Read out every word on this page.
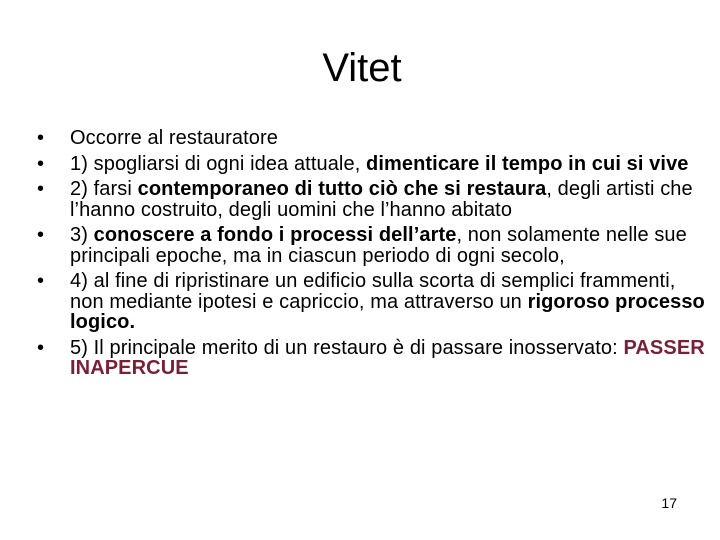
Vitet
• Occorre al restauratore
• 1) spogliarsi di ogni idea attuale, dimenticare il tempo in cui si vive
• 2) farsi contemporaneo di tutto ciò che si restaura, degli artisti che l’hanno costruito, degli uomini che l’hanno abitato
• 3) conoscere a fondo i processi dell’arte, non solamente nelle sue principali epoche, ma in ciascun periodo di ogni secolo,
• 4) al fine di ripristinare un edificio sulla scorta di semplici frammenti, non mediante ipotesi e capriccio, ma attraverso un rigoroso processo logico.
• 5) Il principale merito di un restauro è di passare inosservato: PASSER INAPERCUE
17
